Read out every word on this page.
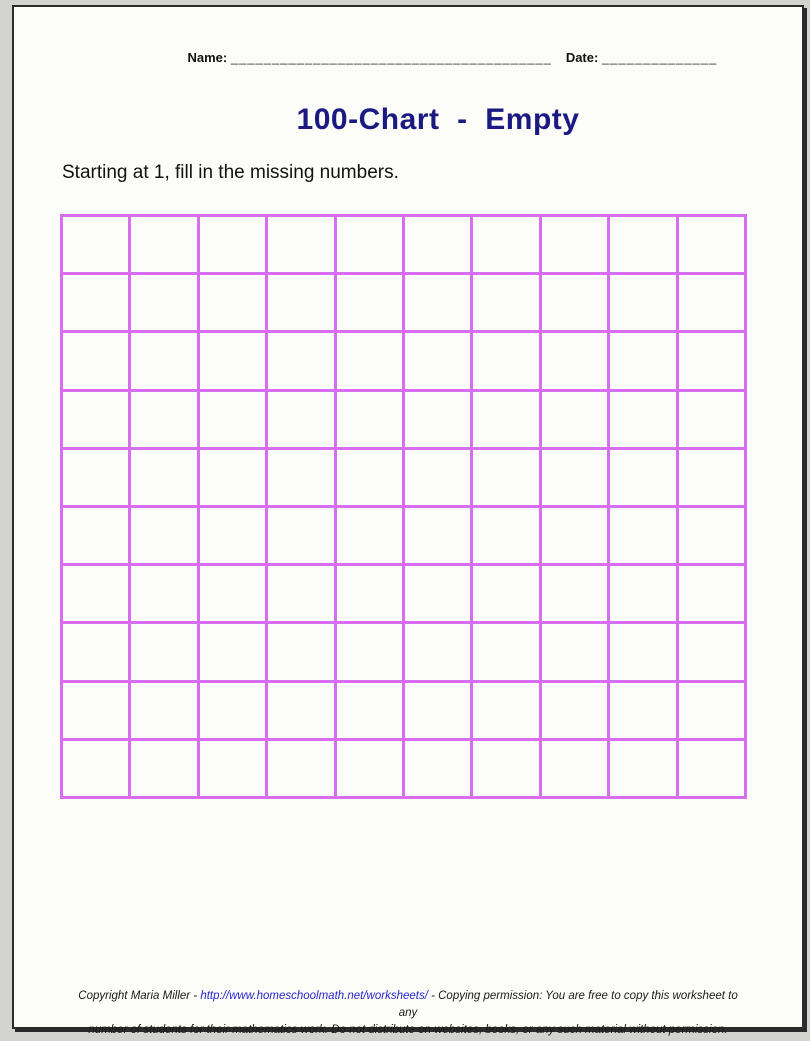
Name: _______________________________________ Date: ______________

100-Chart  -  Empty

Starting at 1, fill in the missing numbers.

Copyright Maria Miller - http://www.homeschoolmath.net/worksheets/ - Copying permission: You are free to copy this worksheet to any
number of students for their mathematics work. Do not distribute on websites, books, or any such material without permission.
